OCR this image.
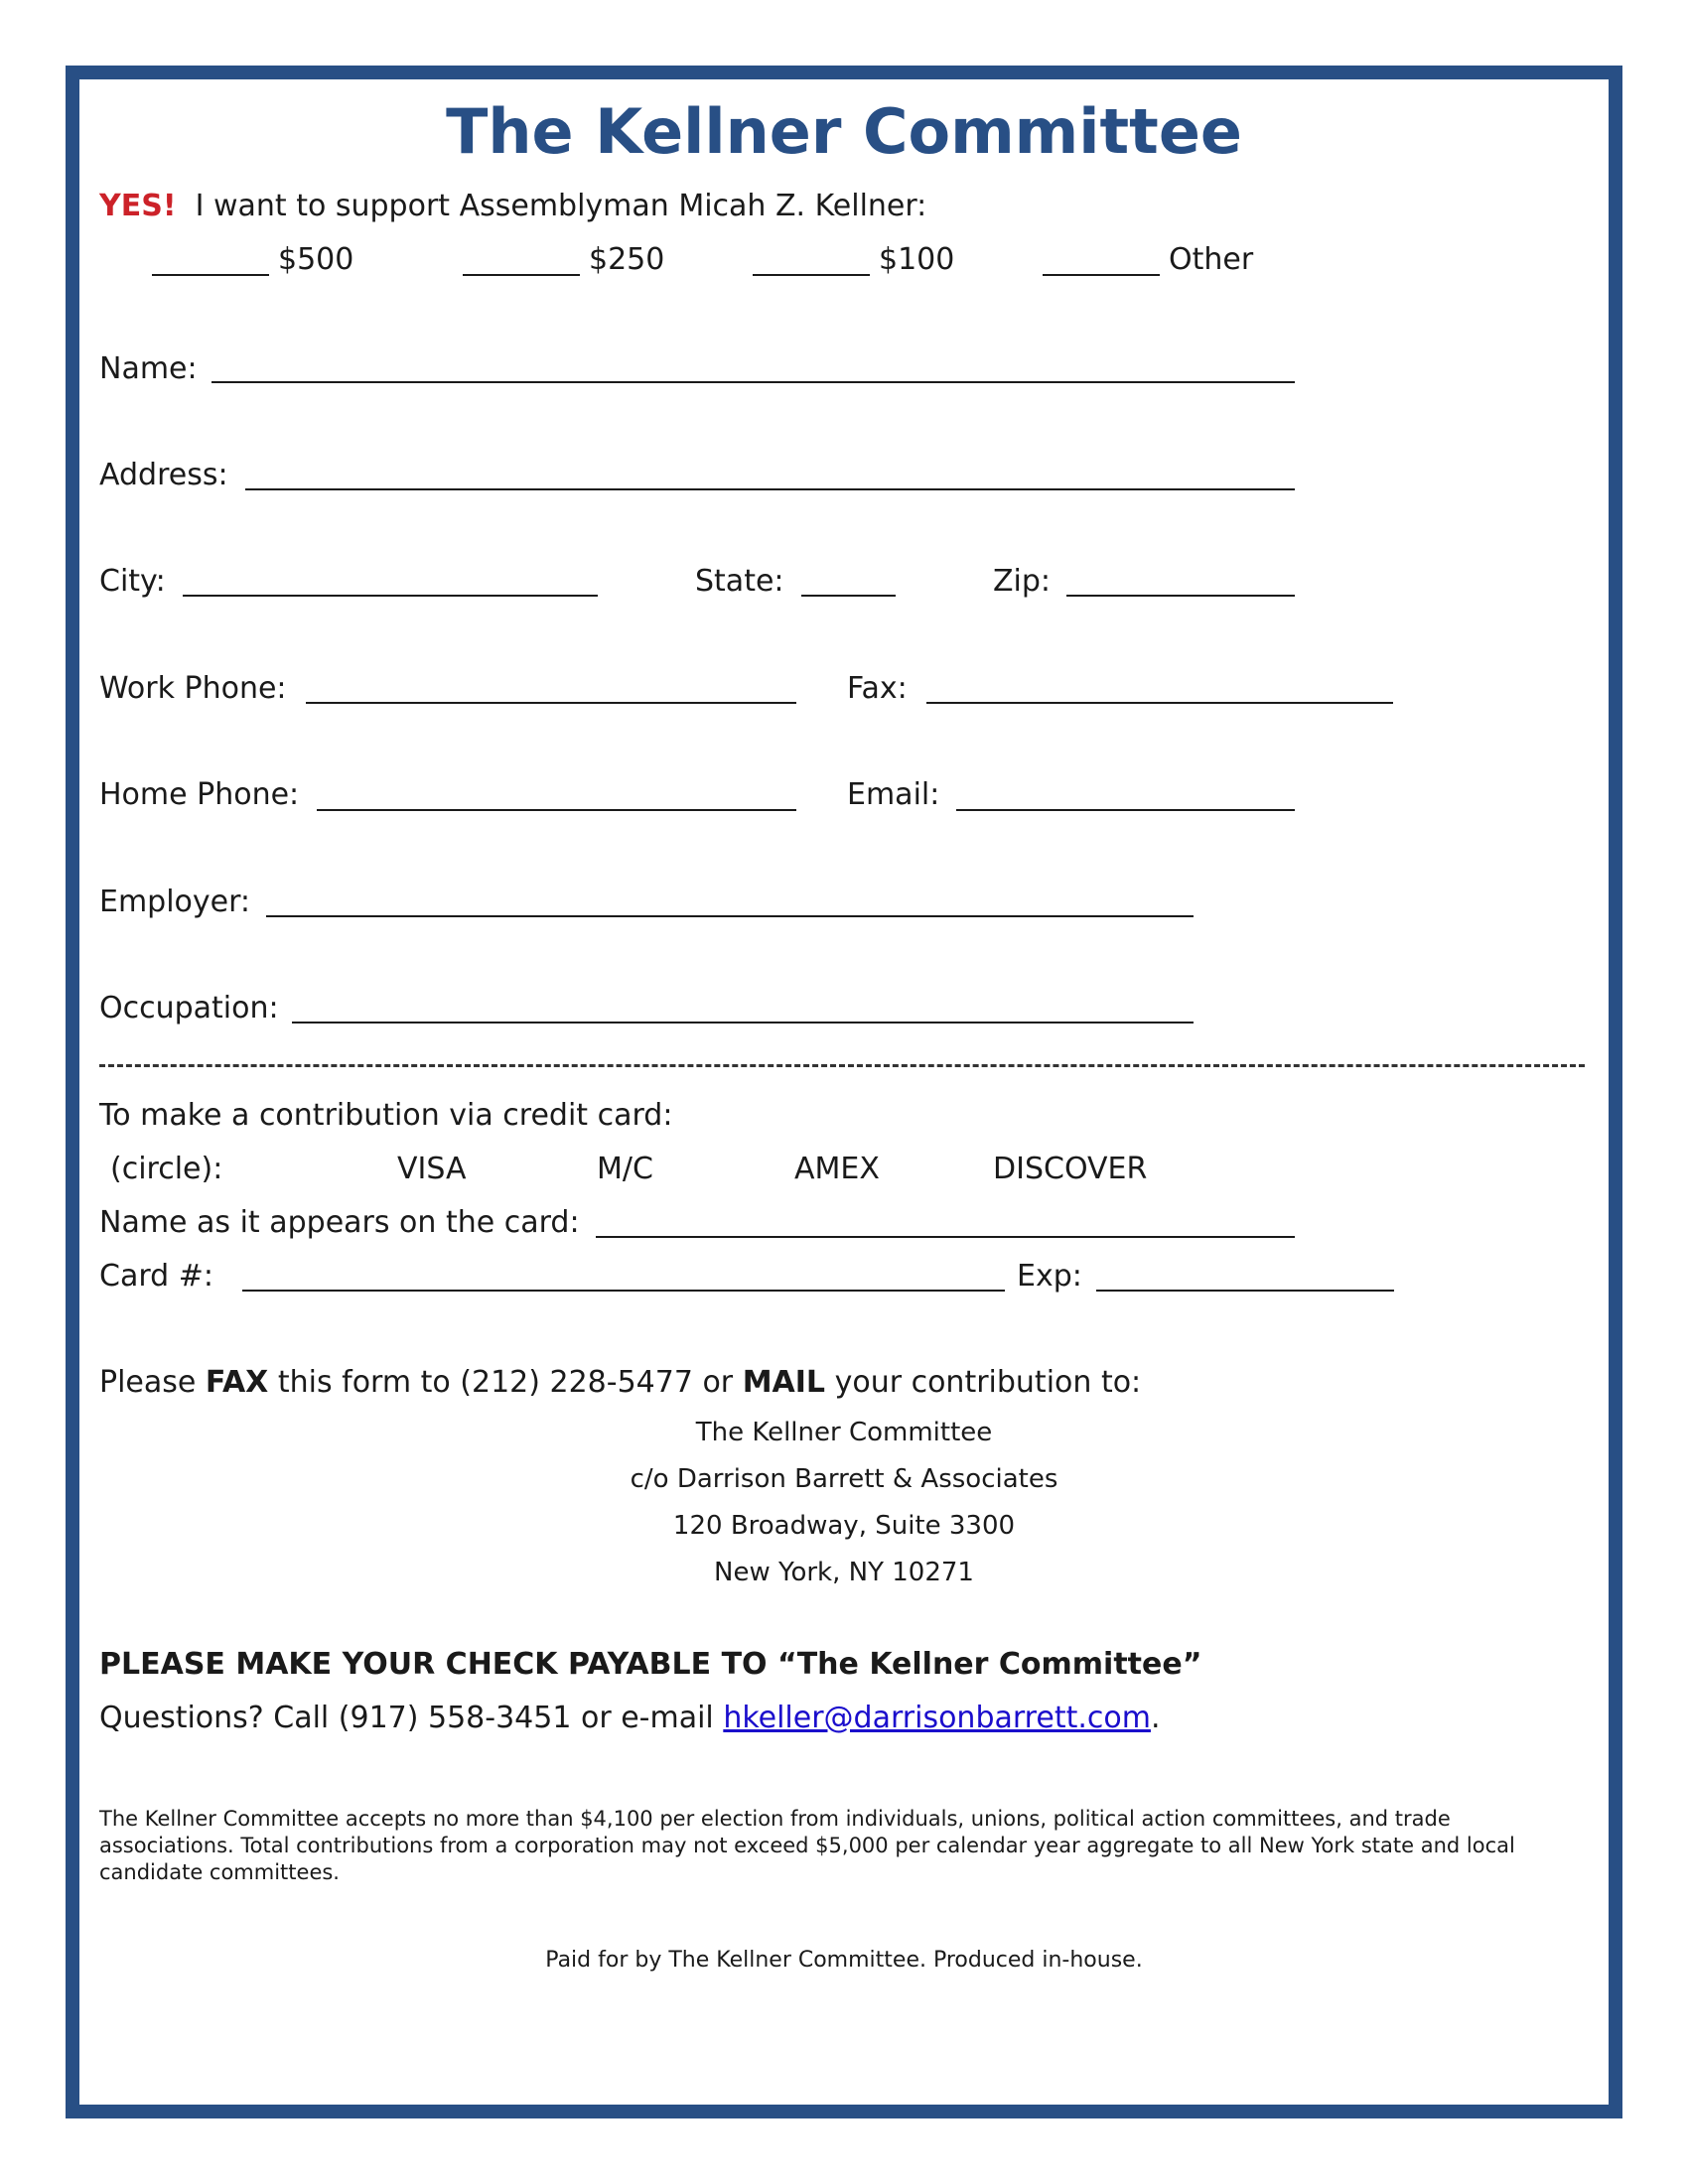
The Kellner Committee
YES! I want to support Assemblyman Micah Z. Kellner:
$500	$250	$100	Other
Name:
Address:
City:	State:	Zip:
Work Phone:	Fax:
Home Phone:	Email:
Employer:
Occupation:
To make a contribution via credit card:
(circle):	VISA	M/C	AMEX	DISCOVER
Name as it appears on the card:
Card #:	Exp:
Please FAX this form to (212) 228-5477 or MAIL your contribution to:
The Kellner Committee
c/o Darrison Barrett & Associates
120 Broadway, Suite 3300
New York, NY 10271
PLEASE MAKE YOUR CHECK PAYABLE TO “The Kellner Committee”
Questions? Call (917) 558-3451 or e-mail hkeller@darrisonbarrett.com.
The Kellner Committee accepts no more than $4,100 per election from individuals, unions, political action committees, and trade associations. Total contributions from a corporation may not exceed $5,000 per calendar year aggregate to all New York state and local candidate committees.
Paid for by The Kellner Committee. Produced in-house.
